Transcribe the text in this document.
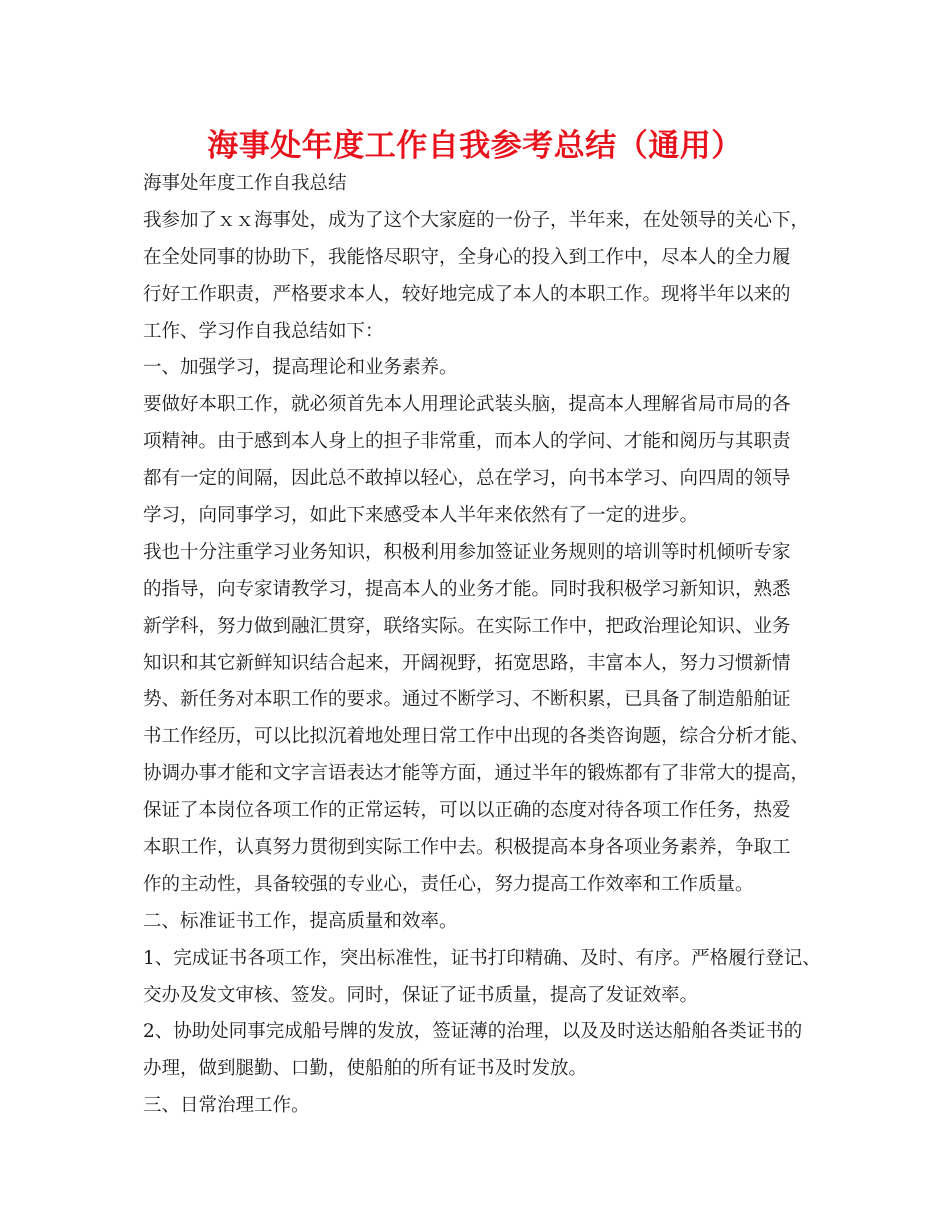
海事处年度工作自我参考总结（通用）
海事处年度工作自我总结
我参加了ｘｘ海事处，成为了这个大家庭的一份子，半年来，在处领导的关心下，
在全处同事的协助下，我能恪尽职守，全身心的投入到工作中，尽本人的全力履
行好工作职责，严格要求本人，较好地完成了本人的本职工作。现将半年以来的
工作、学习作自我总结如下：
一、加强学习，提高理论和业务素养。
要做好本职工作，就必须首先本人用理论武装头脑，提高本人理解省局市局的各
项精神。由于感到本人身上的担子非常重，而本人的学问、才能和阅历与其职责
都有一定的间隔，因此总不敢掉以轻心，总在学习，向书本学习、向四周的领导
学习，向同事学习，如此下来感受本人半年来依然有了一定的进步。
我也十分注重学习业务知识，积极利用参加签证业务规则的培训等时机倾听专家
的指导，向专家请教学习，提高本人的业务才能。同时我积极学习新知识，熟悉
新学科，努力做到融汇贯穿，联络实际。在实际工作中，把政治理论知识、业务
知识和其它新鲜知识结合起来，开阔视野，拓宽思路，丰富本人，努力习惯新情
势、新任务对本职工作的要求。通过不断学习、不断积累，已具备了制造船舶证
书工作经历，可以比拟沉着地处理日常工作中出现的各类咨询题，综合分析才能、
协调办事才能和文字言语表达才能等方面，通过半年的锻炼都有了非常大的提高，
保证了本岗位各项工作的正常运转，可以以正确的态度对待各项工作任务，热爱
本职工作，认真努力贯彻到实际工作中去。积极提高本身各项业务素养，争取工
作的主动性，具备较强的专业心，责任心，努力提高工作效率和工作质量。
二、标准证书工作，提高质量和效率。
1、完成证书各项工作，突出标准性，证书打印精确、及时、有序。严格履行登记、
交办及发文审核、签发。同时，保证了证书质量，提高了发证效率。
2、协助处同事完成船号牌的发放，签证薄的治理，以及及时送达船舶各类证书的
办理，做到腿勤、口勤，使船舶的所有证书及时发放。
三、日常治理工作。
